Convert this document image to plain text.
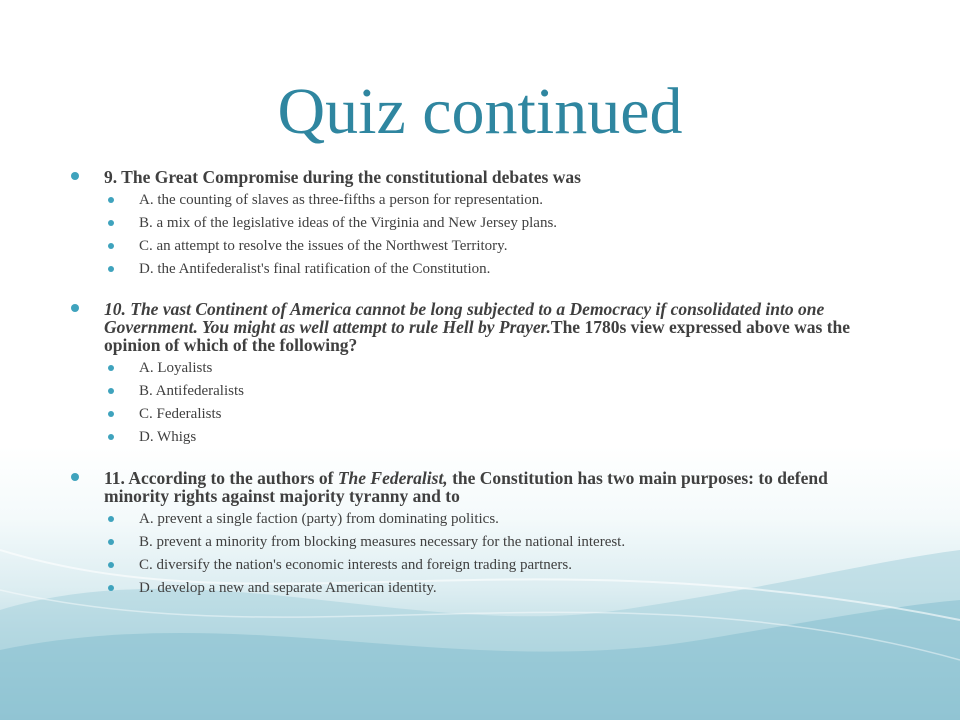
Quiz continued
9. The Great Compromise during the constitutional debates was
A. the counting of slaves as three-fifths a person for representation.
B. a mix of the legislative ideas of the Virginia and New Jersey plans.
C. an attempt to resolve the issues of the Northwest Territory.
D. the Antifederalist's final ratification of the Constitution.
10. The vast Continent of America cannot be long subjected to a Democracy if consolidated into one Government. You might as well attempt to rule Hell by Prayer.The 1780s view expressed above was the opinion of which of the following?
A. Loyalists
B. Antifederalists
C. Federalists
D. Whigs
11. According to the authors of The Federalist, the Constitution has two main purposes: to defend minority rights against majority tyranny and to
A. prevent a single faction (party) from dominating politics.
B. prevent a minority from blocking measures necessary for the national interest.
C. diversify the nation's economic interests and foreign trading partners.
D. develop a new and separate American identity.
